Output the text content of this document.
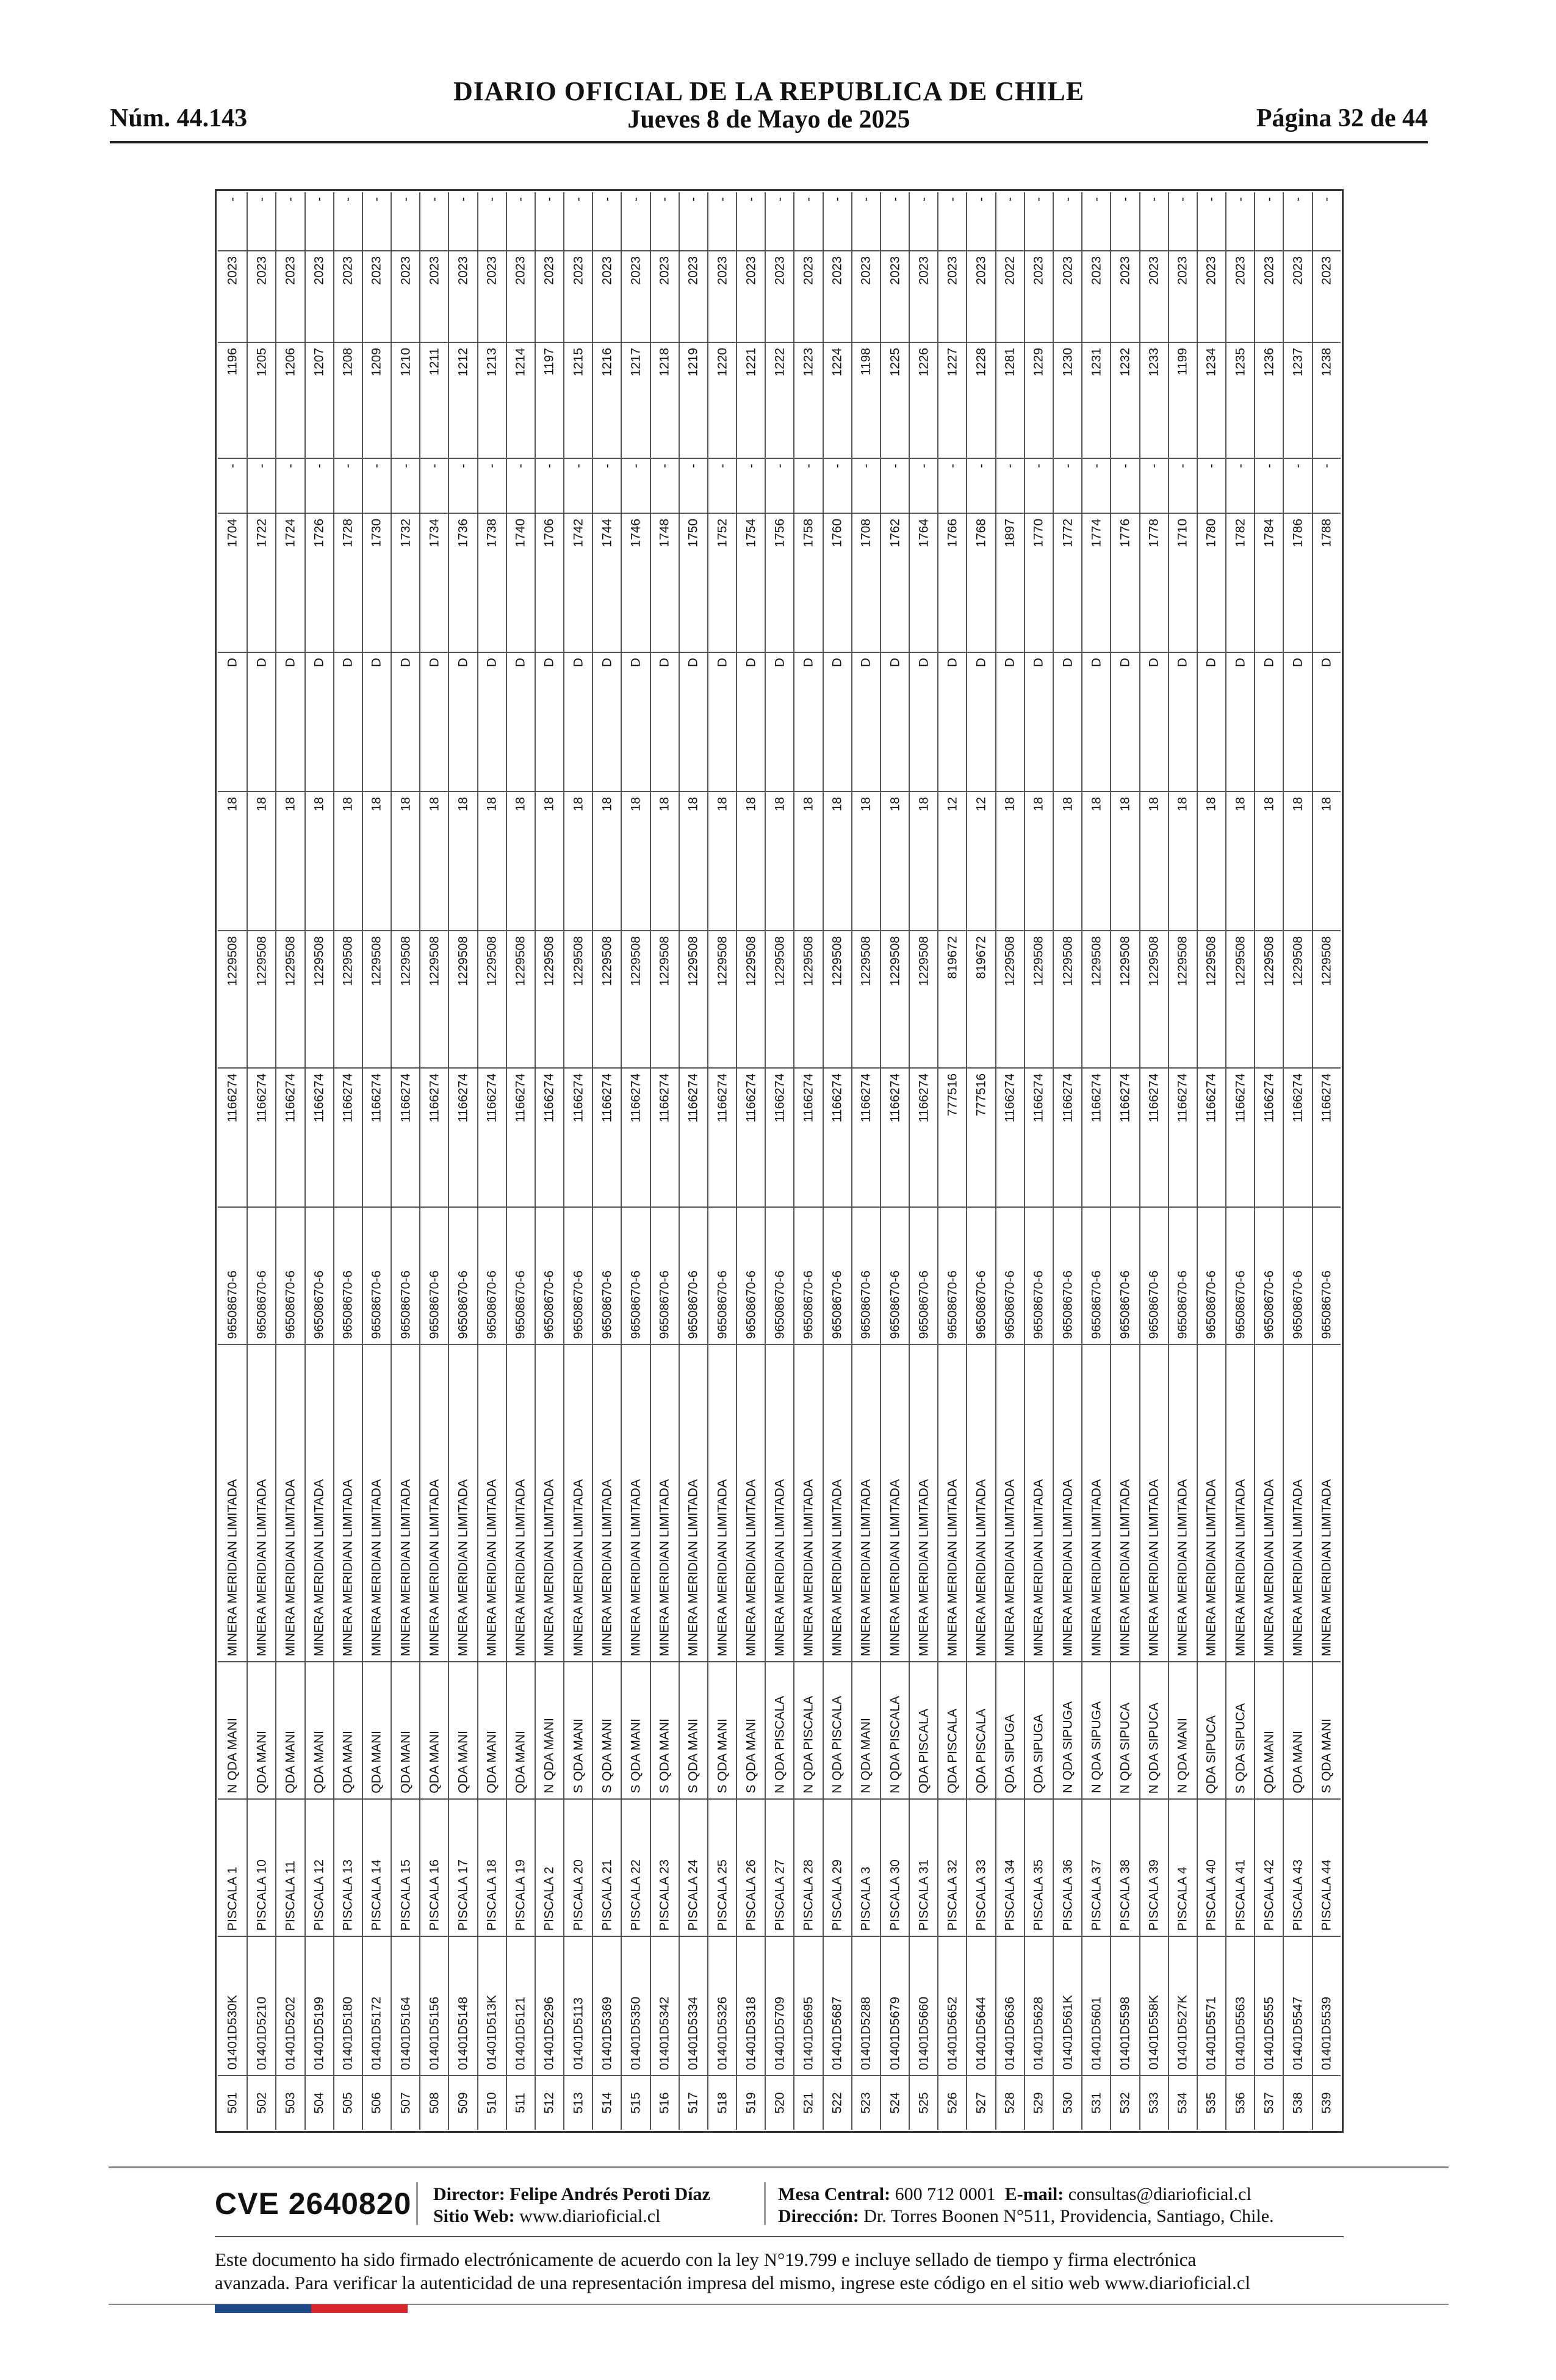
Núm. 44.143
DIARIO OFICIAL DE LA REPUBLICA DE CHILE
Jueves 8 de Mayo de 2025	Página 32 de 44
501
01401D530K
PISCALA 1
N QDA MANI
MINERA MERIDIAN LIMITADA
96508670-6
1166274
1229508
18
D
1704
-
1196
2023
-
502
01401D5210
PISCALA 10
QDA MANI
MINERA MERIDIAN LIMITADA
96508670-6
1166274
1229508
18
D
1722
-
1205
2023
-
503
01401D5202
PISCALA 11
QDA MANI
MINERA MERIDIAN LIMITADA
96508670-6
1166274
1229508
18
D
1724
-
1206
2023
-
504
01401D5199
PISCALA 12
QDA MANI
MINERA MERIDIAN LIMITADA
96508670-6
1166274
1229508
18
D
1726
-
1207
2023
-
505
01401D5180
PISCALA 13
QDA MANI
MINERA MERIDIAN LIMITADA
96508670-6
1166274
1229508
18
D
1728
-
1208
2023
-
506
01401D5172
PISCALA 14
QDA MANI
MINERA MERIDIAN LIMITADA
96508670-6
1166274
1229508
18
D
1730
-
1209
2023
-
507
01401D5164
PISCALA 15
QDA MANI
MINERA MERIDIAN LIMITADA
96508670-6
1166274
1229508
18
D
1732
-
1210
2023
-
508
01401D5156
PISCALA 16
QDA MANI
MINERA MERIDIAN LIMITADA
96508670-6
1166274
1229508
18
D
1734
-
1211
2023
-
509
01401D5148
PISCALA 17
QDA MANI
MINERA MERIDIAN LIMITADA
96508670-6
1166274
1229508
18
D
1736
-
1212
2023
-
510
01401D513K
PISCALA 18
QDA MANI
MINERA MERIDIAN LIMITADA
96508670-6
1166274
1229508
18
D
1738
-
1213
2023
-
511
01401D5121
PISCALA 19
QDA MANI
MINERA MERIDIAN LIMITADA
96508670-6
1166274
1229508
18
D
1740
-
1214
2023
-
512
01401D5296
PISCALA 2
N QDA MANI
MINERA MERIDIAN LIMITADA
96508670-6
1166274
1229508
18
D
1706
-
1197
2023
-
513
01401D5113
PISCALA 20
S QDA MANI
MINERA MERIDIAN LIMITADA
96508670-6
1166274
1229508
18
D
1742
-
1215
2023
-
514
01401D5369
PISCALA 21
S QDA MANI
MINERA MERIDIAN LIMITADA
96508670-6
1166274
1229508
18
D
1744
-
1216
2023
-
515
01401D5350
PISCALA 22
S QDA MANI
MINERA MERIDIAN LIMITADA
96508670-6
1166274
1229508
18
D
1746
-
1217
2023
-
516
01401D5342
PISCALA 23
S QDA MANI
MINERA MERIDIAN LIMITADA
96508670-6
1166274
1229508
18
D
1748
-
1218
2023
-
517
01401D5334
PISCALA 24
S QDA MANI
MINERA MERIDIAN LIMITADA
96508670-6
1166274
1229508
18
D
1750
-
1219
2023
-
518
01401D5326
PISCALA 25
S QDA MANI
MINERA MERIDIAN LIMITADA
96508670-6
1166274
1229508
18
D
1752
-
1220
2023
-
519
01401D5318
PISCALA 26
S QDA MANI
MINERA MERIDIAN LIMITADA
96508670-6
1166274
1229508
18
D
1754
-
1221
2023
-
520
01401D5709
PISCALA 27
N QDA PISCALA
MINERA MERIDIAN LIMITADA
96508670-6
1166274
1229508
18
D
1756
-
1222
2023
-
521
01401D5695
PISCALA 28
N QDA PISCALA
MINERA MERIDIAN LIMITADA
96508670-6
1166274
1229508
18
D
1758
-
1223
2023
-
522
01401D5687
PISCALA 29
N QDA PISCALA
MINERA MERIDIAN LIMITADA
96508670-6
1166274
1229508
18
D
1760
-
1224
2023
-
523
01401D5288
PISCALA 3
N QDA MANI
MINERA MERIDIAN LIMITADA
96508670-6
1166274
1229508
18
D
1708
-
1198
2023
-
524
01401D5679
PISCALA 30
N QDA PISCALA
MINERA MERIDIAN LIMITADA
96508670-6
1166274
1229508
18
D
1762
-
1225
2023
-
525
01401D5660
PISCALA 31
QDA PISCALA
MINERA MERIDIAN LIMITADA
96508670-6
1166274
1229508
18
D
1764
-
1226
2023
-
526
01401D5652
PISCALA 32
QDA PISCALA
MINERA MERIDIAN LIMITADA
96508670-6
777516
819672
12
D
1766
-
1227
2023
-
527
01401D5644
PISCALA 33
QDA PISCALA
MINERA MERIDIAN LIMITADA
96508670-6
777516
819672
12
D
1768
-
1228
2023
-
528
01401D5636
PISCALA 34
QDA SIPUGA
MINERA MERIDIAN LIMITADA
96508670-6
1166274
1229508
18
D
1897
-
1281
2022
-
529
01401D5628
PISCALA 35
QDA SIPUGA
MINERA MERIDIAN LIMITADA
96508670-6
1166274
1229508
18
D
1770
-
1229
2023
-
530
01401D561K
PISCALA 36
N QDA SIPUGA
MINERA MERIDIAN LIMITADA
96508670-6
1166274
1229508
18
D
1772
-
1230
2023
-
531
01401D5601
PISCALA 37
N QDA SIPUGA
MINERA MERIDIAN LIMITADA
96508670-6
1166274
1229508
18
D
1774
-
1231
2023
-
532
01401D5598
PISCALA 38
N QDA SIPUCA
MINERA MERIDIAN LIMITADA
96508670-6
1166274
1229508
18
D
1776
-
1232
2023
-
533
01401D558K
PISCALA 39
N QDA SIPUCA
MINERA MERIDIAN LIMITADA
96508670-6
1166274
1229508
18
D
1778
-
1233
2023
-
534
01401D527K
PISCALA 4
N QDA MANI
MINERA MERIDIAN LIMITADA
96508670-6
1166274
1229508
18
D
1710
-
1199
2023
-
535
01401D5571
PISCALA 40
QDA SIPUCA
MINERA MERIDIAN LIMITADA
96508670-6
1166274
1229508
18
D
1780
-
1234
2023
-
536
01401D5563
PISCALA 41
S QDA SIPUCA
MINERA MERIDIAN LIMITADA
96508670-6
1166274
1229508
18
D
1782
-
1235
2023
-
537
01401D5555
PISCALA 42
QDA MANI
MINERA MERIDIAN LIMITADA
96508670-6
1166274
1229508
18
D
1784
-
1236
2023
-
538
01401D5547
PISCALA 43
QDA MANI
MINERA MERIDIAN LIMITADA
96508670-6
1166274
1229508
18
D
1786
-
1237
2023
-
539
01401D5539
PISCALA 44
S QDA MANI
MINERA MERIDIAN LIMITADA
96508670-6
1166274
1229508
18
D
1788
-
1238
2023
-
CVE 2640820 Director: Felipe Andrés Peroti Díaz
Sitio Web: www.diarioficial.cl
Mesa Central: 600 712 0001 E-mail: consultas@diarioficial.cl
Dirección: Dr. Torres Boonen N°511, Providencia, Santiago, Chile.
Este documento ha sido firmado electrónicamente de acuerdo con la ley N°19.799 e incluye sellado de tiempo y firma electrónica
avanzada. Para verificar la autenticidad de una representación impresa del mismo, ingrese este código en el sitio web www.diarioficial.cl
